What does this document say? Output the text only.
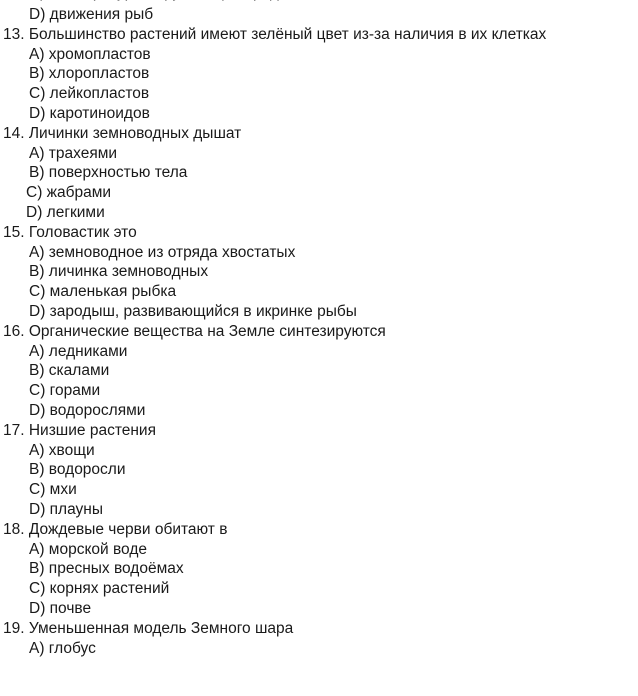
D) движения рыб
13. Большинство растений имеют зелёный цвет из-за наличия в их клетках
А) хромопластов
В) хлоропластов
С) лейкопластов
D) каротиноидов
14. Личинки земноводных дышат
А) трахеями
В) поверхностью тела
С) жабрами
D) легкими
15. Головастик это
А) земноводное из отряда хвостатых
В) личинка земноводных
С) маленькая рыбка
D) зародыш, развивающийся в икринке рыбы
16. Органические вещества на Земле синтезируются
А) ледниками
В) скалами
С) горами
D) водорослями
17. Низшие растения
А) хвощи
В) водоросли
С) мхи
D) плауны
18. Дождевые черви обитают в
А) морской воде
В) пресных водоёмах
С) корнях растений
D) почве
19. Уменьшенная модель Земного шара
А) глобус
